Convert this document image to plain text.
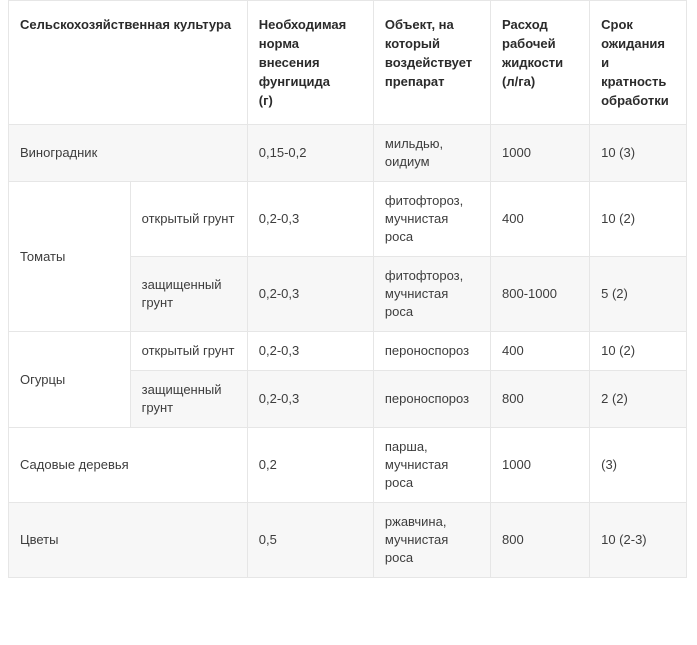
Сельскохозяйственная культура		Необходимая
норма
внесения
фунгицида
(г)	Объект, на
который
воздействует
препарат	Расход
рабочей
жидкости
(л/га)	Срок
ожидания и
кратность
обработки
Виноградник		0,15-0,2	мильдью, оидиум	1000	10 (3)
Томаты	открытый грунт	0,2-0,3	фитофтороз, мучнистая роса	400	10 (2)
	защищенный грунт	0,2-0,3	фитофтороз, мучнистая роса	800-1000	5 (2)
Огурцы	открытый грунт	0,2-0,3	пероноспороз	400	10 (2)
	защищенный грунт	0,2-0,3	пероноспороз	800	2 (2)
Садовые деревья		0,2	парша, мучнистая роса	1000	(3)
Цветы		0,5	ржавчина, мучнистая роса	800	10 (2-3)
